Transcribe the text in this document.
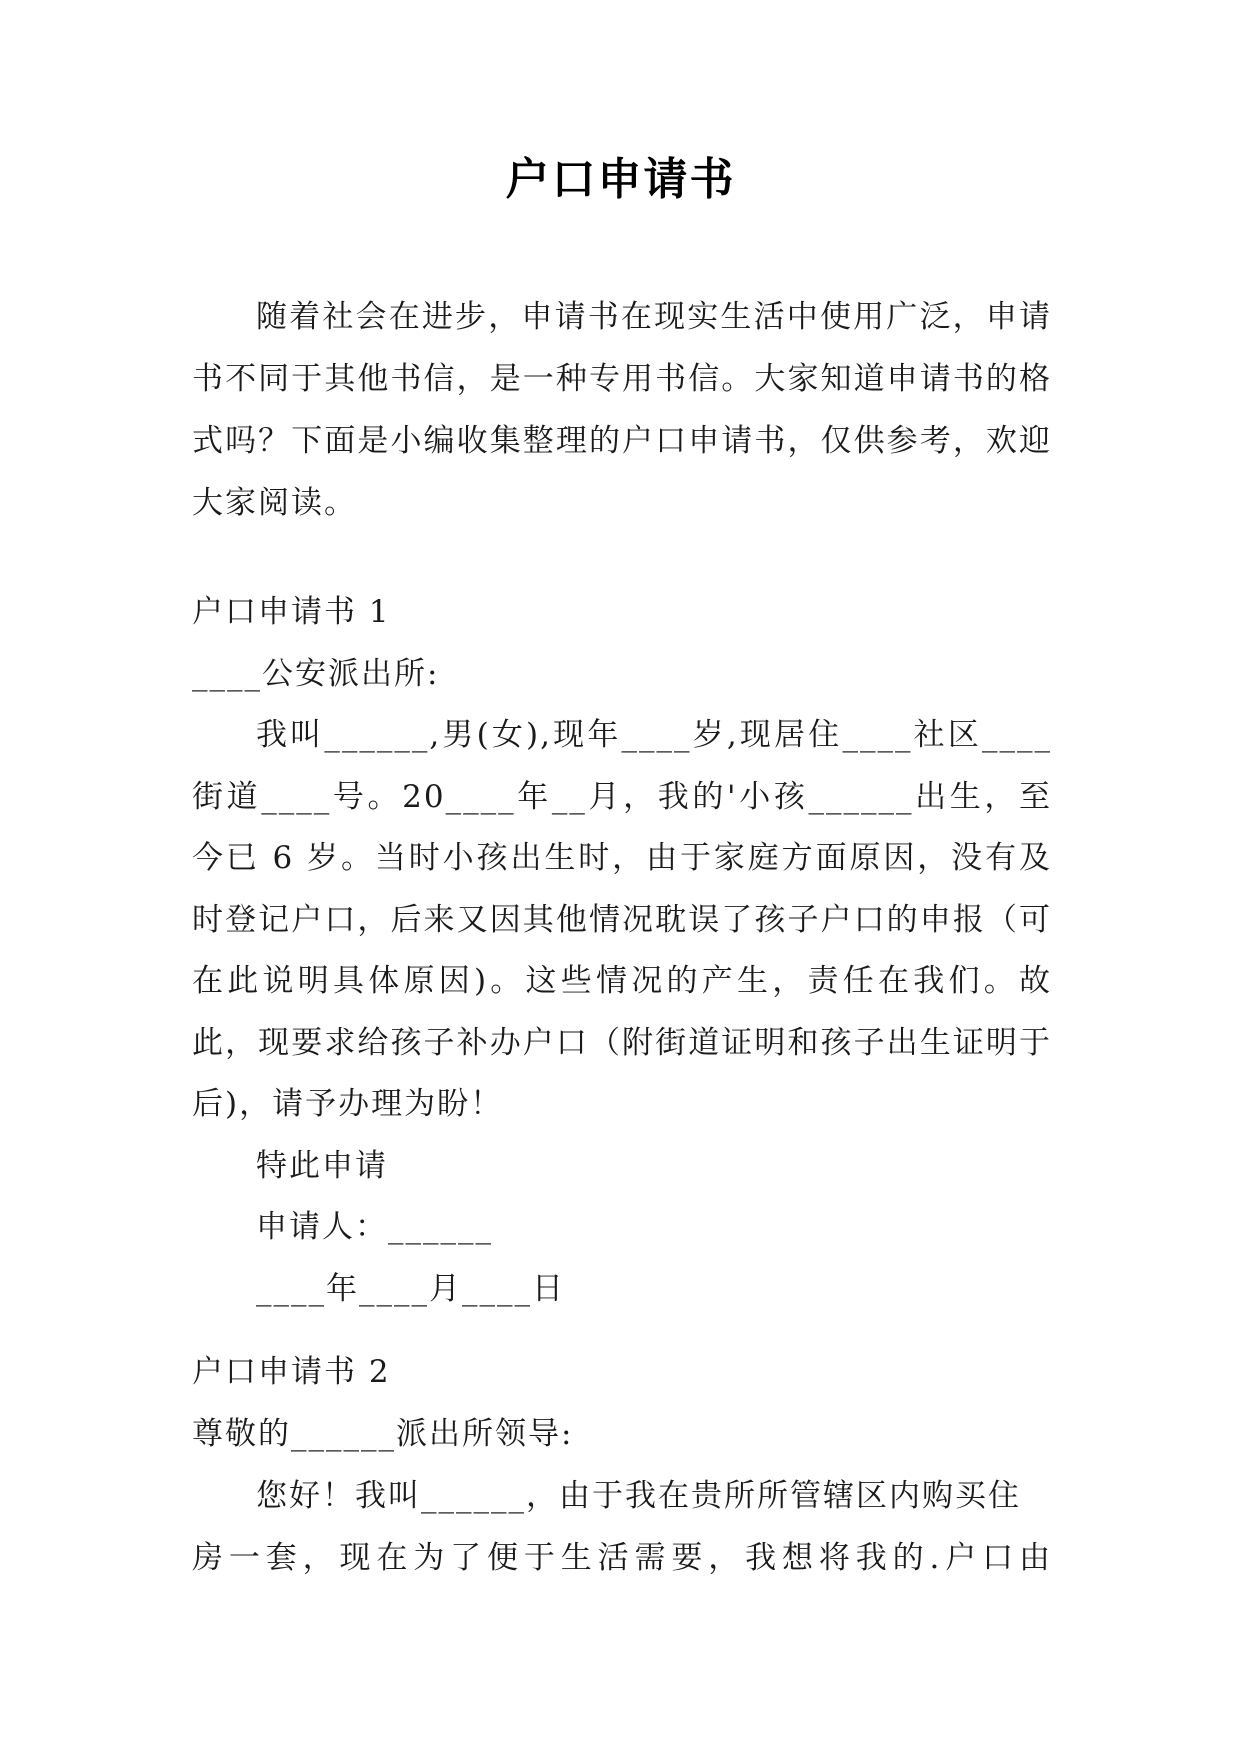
户口申请书

随着社会在进步，申请书在现实生活中使用广泛，申请书不同于其他书信，是一种专用书信。大家知道申请书的格式吗？下面是小编收集整理的户口申请书，仅供参考，欢迎大家阅读。

户口申请书 1

____公安派出所:

我叫______,男(女),现年____岁,现居住____社区____街道____号。20____年__月，我的'小孩______出生，至今已 6 岁。当时小孩出生时，由于家庭方面原因，没有及时登记户口，后来又因其他情况耽误了孩子户口的申报（可在此说明具体原因)。这些情况的产生，责任在我们。故此，现要求给孩子补办户口（附街道证明和孩子出生证明于后)，请予办理为盼！

特此申请

申请人：______

____年____月____日

户口申请书 2

尊敬的______派出所领导:

您好！我叫______，由于我在贵所所管辖区内购买住房一套，现在为了便于生活需要，我想将我的.户口由
